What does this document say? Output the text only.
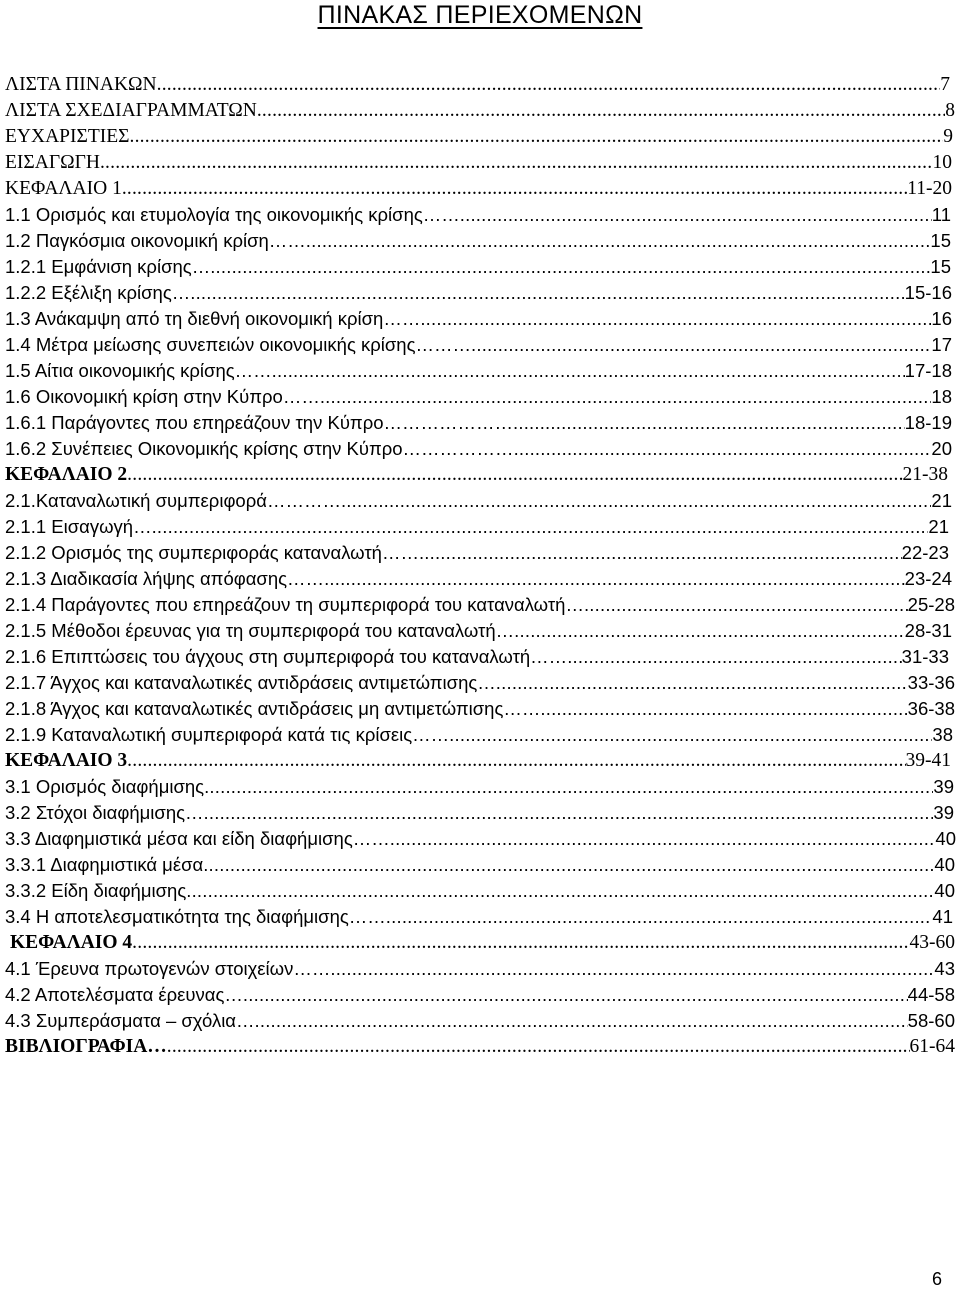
ΠΙΝΑΚΑΣ ΠΕΡΙΕΧΟΜΕΝΩΝ
ΛΙΣΤΑ ΠΙΝΑΚΩΝ .....	7
ΛΙΣΤΑ ΣΧΕΔΙΑΓΡΑΜΜΑΤΩΝ .....	8
ΕΥΧΑΡΙΣΤΙΕΣ .....	9
ΕΙΣΑΓΩΓΗ .....	10
ΚΕΦΑΛΑΙΟ 1 .....	11-20
1.1 Ορισμός και ετυμολογία της οικονομικής κρίσης…… .....	11
1.2 Παγκόσμια οικονομική κρίση…… .....	15
1.2.1 Εμφάνιση κρίσης… .....	15
1.2.2 Εξέλιξη κρίσης… .....	15-16
1.3 Ανάκαμψη από τη διεθνή οικονομική κρίση…… .....	16
1.4 Μέτρα μείωσης συνεπειών οικονομικής κρίσης……… .....	17
1.5 Αίτια οικονομικής κρίσης…… .....	17-18
1.6 Οικονομική κρίση στην Κύπρο…… .....	18
1.6.1 Παράγοντες που επηρεάζουν την Κύπρο………………… .....	18-19
1.6.2 Συνέπειες Οικονομικής κρίσης στην Κύπρο……………… .....	20
ΚΕΦΑΛΑΙΟ 2 .....	21-38
2.1.Καταναλωτική συμπεριφορά………… .....	21
2.1.1 Εισαγωγή… .....	21
2.1.2 Ορισμός της συμπεριφοράς καταναλωτή…… .....	22-23
2.1.3 Διαδικασία λήψης απόφασης…… .....	23-24
2.1.4 Παράγοντες που επηρεάζουν τη συμπεριφορά του καταναλωτή… .....	25-28
2.1.5 Μέθοδοι έρευνας για τη συμπεριφορά του καταναλωτή… .....	28-31
2.1.6 Επιπτώσεις του άγχους στη συμπεριφορά του καταναλωτή…… .....	31-33
2.1.7 Άγχος και καταναλωτικές αντιδράσεις αντιμετώπισης… .....	33-36
2.1.8 Άγχος και καταναλωτικές αντιδράσεις μη αντιμετώπισης…… .....	36-38
2.1.9 Καταναλωτική συμπεριφορά κατά τις κρίσεις…… .....	38
ΚΕΦΑΛΑΙΟ 3 .....	39-41
3.1 Ορισμός διαφήμισης .....	39
3.2 Στόχοι διαφήμισης… .....	39
3.3 Διαφημιστικά μέσα και είδη διαφήμισης…… .....	40
3.3.1 Διαφημιστικά μέσα .....	40
3.3.2 Είδη διαφήμισης .....	40
3.4 Η αποτελεσματικότητα της διαφήμισης…… .....	41
ΚΕΦΑΛΑΙΟ 4 .....	43-60
4.1 Έρευνα πρωτογενών στοιχείων…… .....	43
4.2 Αποτελέσματα έρευνας… .....	44-58
4.3 Συμπεράσματα – σχόλια… .....	58-60
ΒΙΒΛΙΟΓΡΑΦΙΑ… .....	61-64
6
